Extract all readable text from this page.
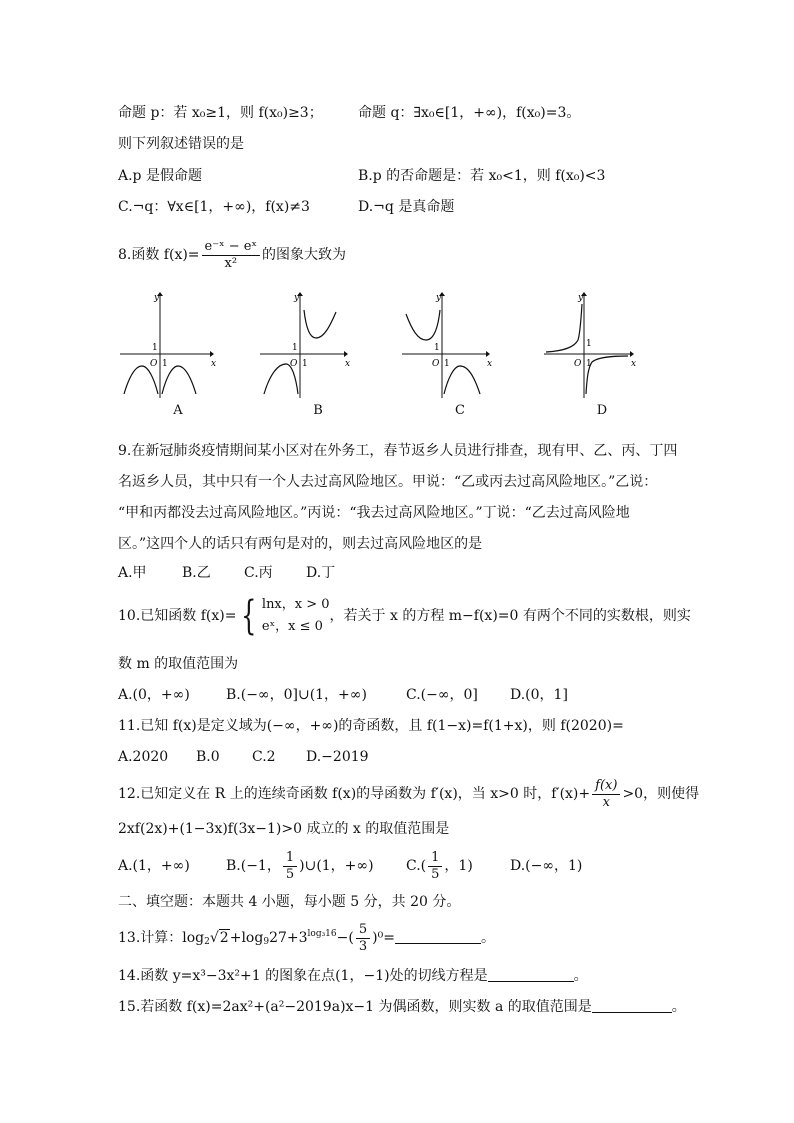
命题 p：若 x₀≥1，则 f(x₀)≥3；	命题 q：∃x₀∈[1，+∞)，f(x₀)=3。
则下列叙述错误的是
A.p 是假命题	B.p 的否命题是：若 x₀<1，则 f(x₀)<3
C.¬q：∀x∈[1，+∞)，f(x)≠3	D.¬q 是真命题
8.函数 $f(x)= \frac{\text{e⁻ˣ − eˣ}}{\text{x²}}$ 的图象大致为
y
x
O 1
1
A
y
x
O 1
1
B
y
x
O 1
1
C
y
x
O 1
1
D
9.在新冠肺炎疫情期间某小区对在外务工，春节返乡人员进行排查，现有甲、乙、丙、丁四
名返乡人员，其中只有一个人去过高风险地区。甲说：“乙或丙去过高风险地区。”乙说：
“甲和丙都没去过高风险地区。”丙说：“我去过高风险地区。”丁说：“乙去过高风险地
区。”这四个人的话只有两句是对的，则去过高风险地区的是
A.甲	B.乙 C.丙 D.丁
10.已知函数 f(x)= { lnx，x > 0
eˣ，x ≤ 0
，若关于 x 的方程 m−f(x)=0 有两个不同的实数根，则实
数 m 的取值范围为
A.(0，+∞)	B.(−∞，0]∪(1，+∞)	C.(−∞，0] D.(0，1]
11.已知 f(x)是定义域为(−∞，+∞)的奇函数，且 f(1−x)=f(1+x)，则 f(2020)=
A.2020 B.0 C.2 D.−2019
12.已知定义在 R 上的连续奇函数 f(x)的导函数为 f′(x)，当 x>0 时，$f'(x)+ \frac{f(x)}{x} >0$，则使得
2xf(2x)+(1−3x)f(3x−1)>0 成立的 x 的取值范围是
A.(1，+∞)	B.(−1， $\frac{1}{5}$ )∪(1，+∞) $C.( \frac{1}{5}$ ，1)	D.(−∞，1)
二、填空题：本题共 4 小题，每小题 5 分，共 20 分。
13.计算：$\log_2√2+\log_927+3^{log_316}-( \frac{5}{3} )^0=$	。
14.函数 y=x³−3x²+1 的图象在点(1，−1)处的切线方程是	。
15.若函数 f(x)=2ax²+(a²−2019a)x−1 为偶函数，则实数 a 的取值范围是	。
